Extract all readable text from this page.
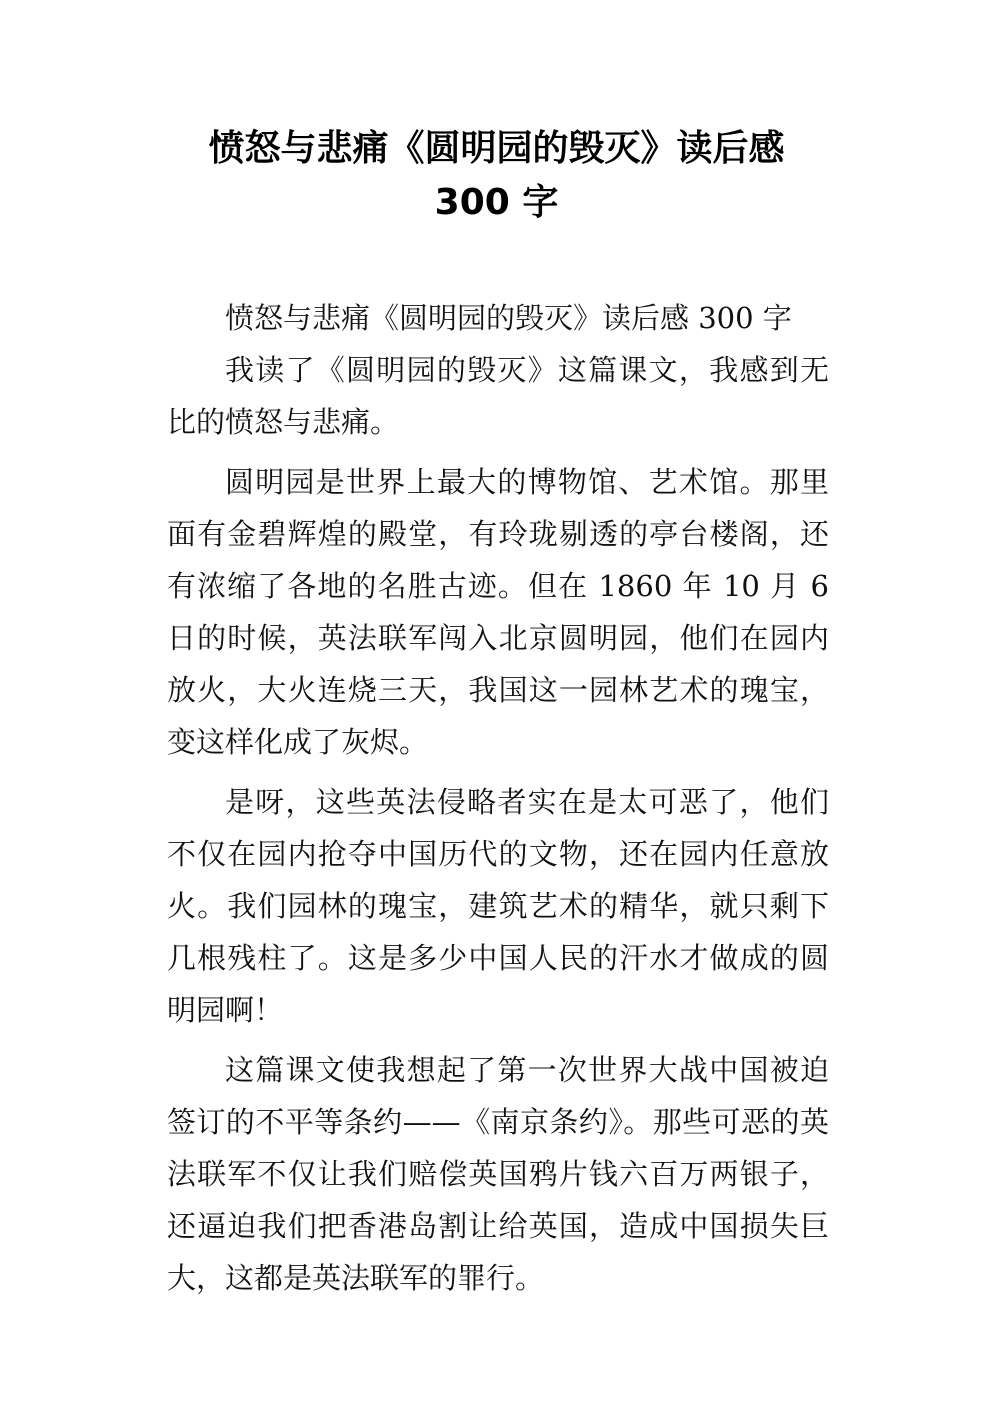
愤怒与悲痛《圆明园的毁灭》读后感
300 字

愤怒与悲痛《圆明园的毁灭》读后感 300 字

我读了《圆明园的毁灭》这篇课文，我感到无比的愤怒与悲痛。

圆明园是世界上最大的博物馆、艺术馆。那里面有金碧辉煌的殿堂，有玲珑剔透的亭台楼阁，还有浓缩了各地的名胜古迹。但在 1860 年 10 月 6 日的时候，英法联军闯入北京圆明园，他们在园内放火，大火连烧三天，我国这一园林艺术的瑰宝，变这样化成了灰烬。

是呀，这些英法侵略者实在是太可恶了，他们不仅在园内抢夺中国历代的文物，还在园内任意放火。我们园林的瑰宝，建筑艺术的精华，就只剩下几根残柱了。这是多少中国人民的汗水才做成的圆明园啊！

这篇课文使我想起了第一次世界大战中国被迫签订的不平等条约——《南京条约》。那些可恶的英法联军不仅让我们赔偿英国鸦片钱六百万两银子，还逼迫我们把香港岛割让给英国，造成中国损失巨大，这都是英法联军的罪行。
